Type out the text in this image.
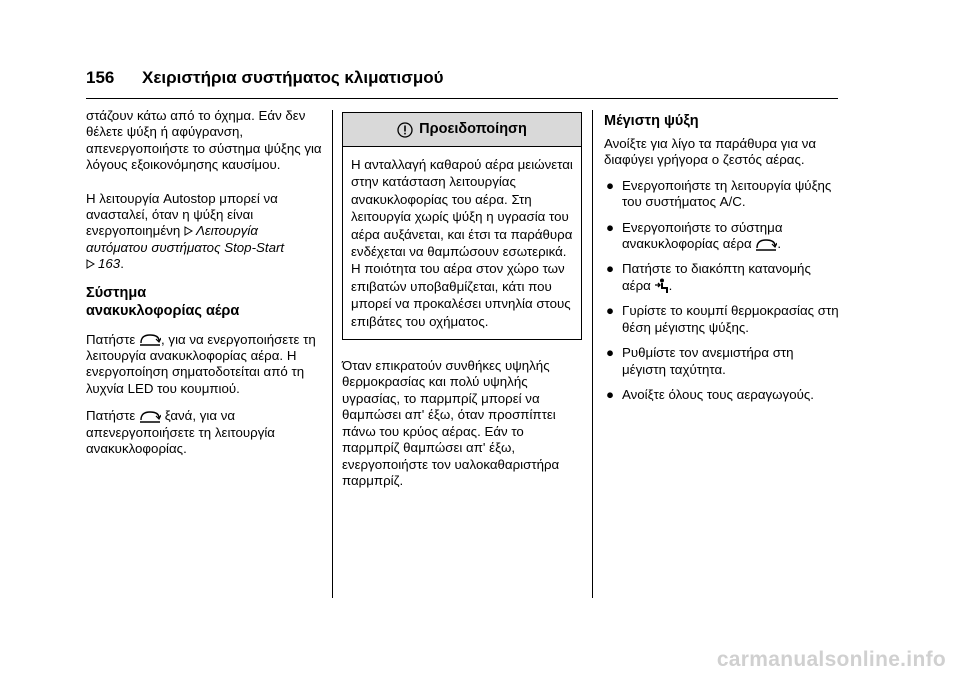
156 Χειριστήρια συστήματος κλιματισμού

στάζουν κάτω από το όχημα. Εάν δεν θέλετε ψύξη ή αφύγρανση, απενεργοποιήστε το σύστημα ψύξης για λόγους εξοικονόμησης καυσίμου.

Η λειτουργία Autostop μπορεί να ανασταλεί, όταν η ψύξη είναι ενεργοποιημένη Λειτουργία αυτόματου συστήματος Stop-Start
163.

Σύστημα ανακυκλοφορίας αέρα

Πατήστε , για να ενεργοποιήσετε τη λειτουργία ανακυκλοφορίας αέρα. Η ενεργοποίηση σηματοδοτείται από τη λυχνία LED του κουμπιού.

Πατήστε  ξανά, για να απενεργοποιήσετε τη λειτουργία ανακυκλοφορίας.

Προειδοποίηση
Η ανταλλαγή καθαρού αέρα μειώνεται στην κατάσταση λειτουργίας ανακυκλοφορίας του αέρα. Στη λειτουργία χωρίς ψύξη η υγρασία του αέρα αυξάνεται, και έτσι τα παράθυρα ενδέχεται να θαμπώσουν εσωτερικά. Η ποιότητα του αέρα στον χώρο των επιβατών υποβαθμίζεται, κάτι που μπορεί να προκαλέσει υπνηλία στους επιβάτες του οχήματος.

Όταν επικρατούν συνθήκες υψηλής θερμοκρασίας και πολύ υψηλής υγρασίας, το παρμπρίζ μπορεί να θαμπώσει απ' έξω, όταν προσπίπτει πάνω του κρύος αέρας. Εάν το παρμπρίζ θαμπώσει απ' έξω, ενεργοποιήστε τον υαλοκαθαριστήρα παρμπρίζ.

Μέγιστη ψύξη

Ανοίξτε για λίγο τα παράθυρα για να διαφύγει γρήγορα ο ζεστός αέρας.

● Ενεργοποιήστε τη λειτουργία ψύξης του συστήματος A/C.
● Ενεργοποιήστε το σύστημα ανακυκλοφορίας αέρα .
● Πατήστε το διακόπτη κατανομής αέρα .
● Γυρίστε το κουμπί θερμοκρασίας στη θέση μέγιστης ψύξης.
● Ρυθμίστε τον ανεμιστήρα στη μέγιστη ταχύτητα.
● Ανοίξτε όλους τους αεραγωγούς.
carmanualsonline.info
